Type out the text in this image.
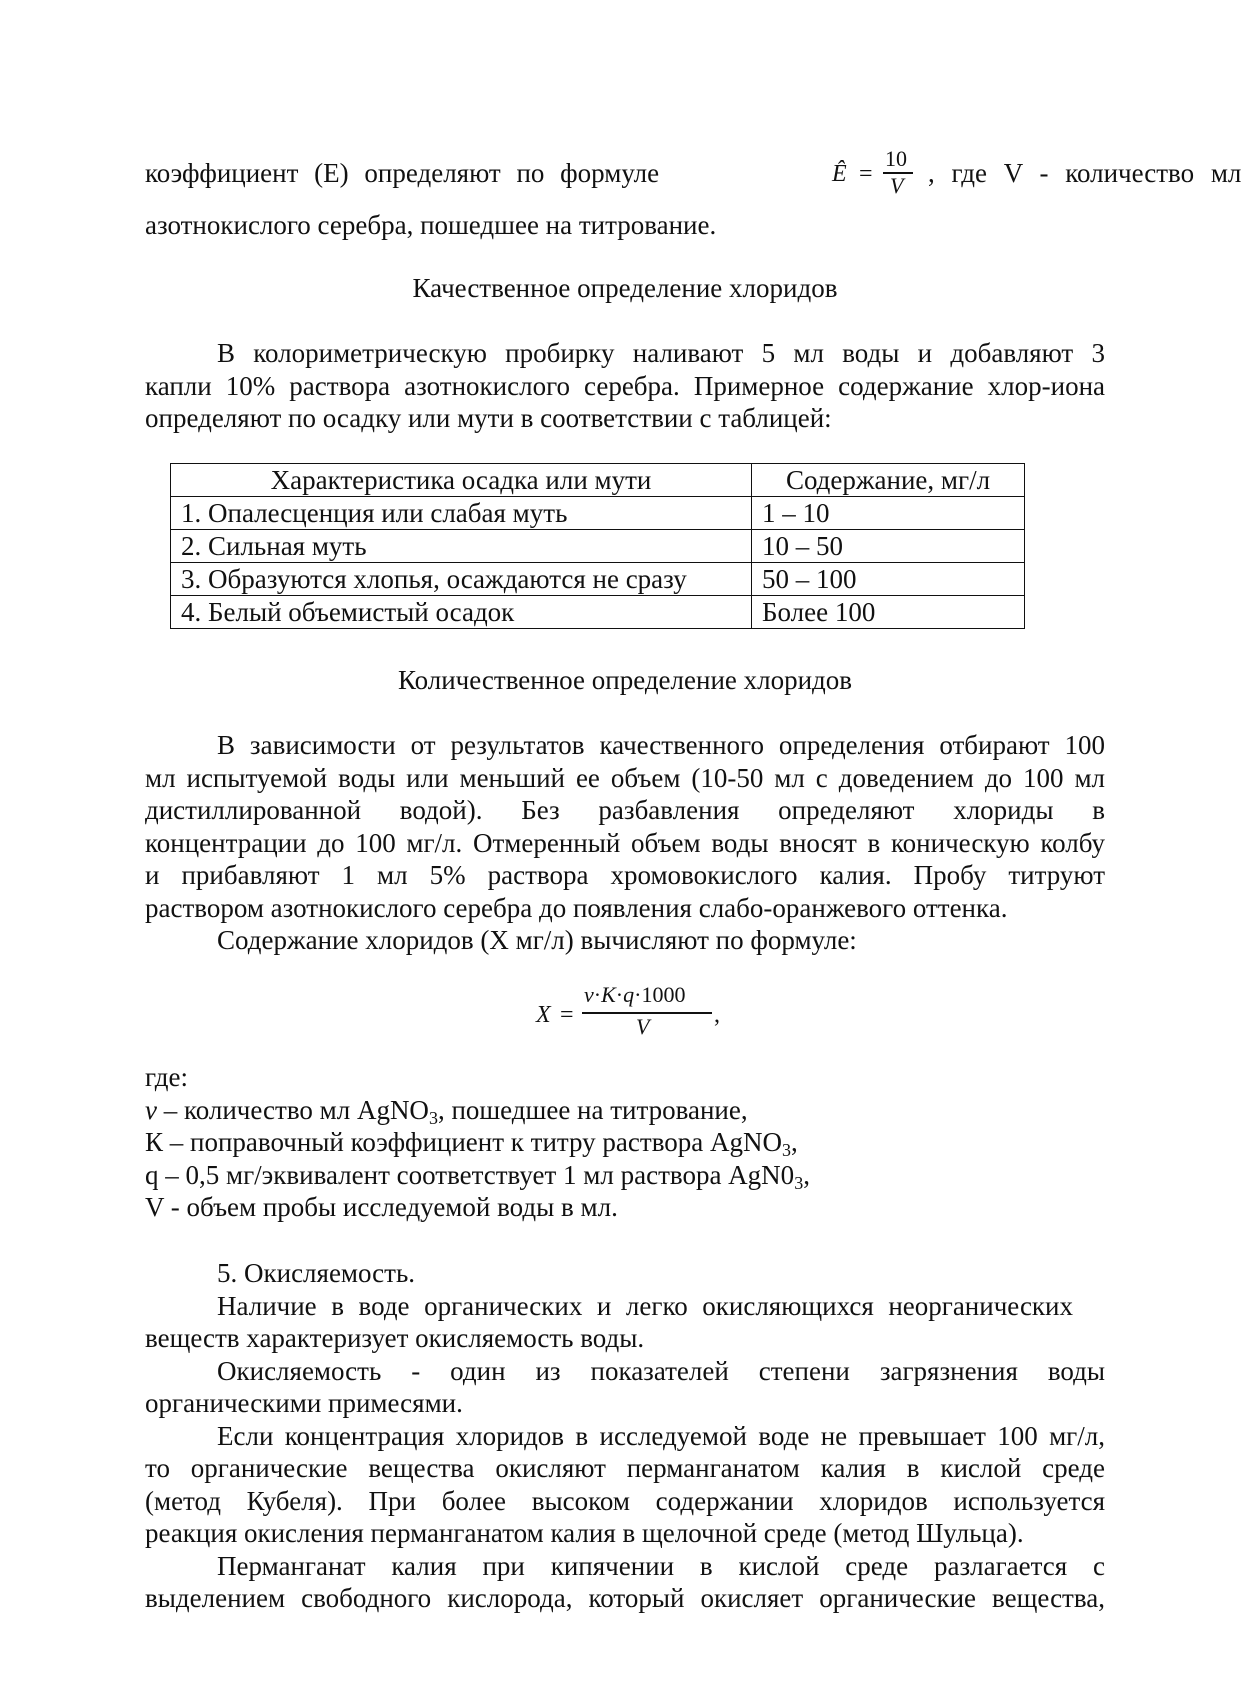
коэффициент (Е) определяют по формуле	Ê =
10
V , где V - количество мл
азотнокислого серебра, пошедшее на титрование.
Качественное определение хлоридов
В колориметрическую пробирку наливают 5 мл воды и добавляют 3
капли 10% раствора азотнокислого серебра. Примерное содержание хлор-иона
определяют по осадку или мути в соответствии с таблицей:
Характеристика осадка или мути	Содержание, мг/л
1. Опалесценция или слабая муть	1 – 10
2. Сильная муть	10 – 50
3. Образуются хлопья, осаждаются не сразу	50 – 100
4. Белый объемистый осадок	Более 100
Количественное определение хлоридов
В зависимости от результатов качественного определения отбирают 100
мл испытуемой воды или меньший ее объем (10-50 мл с доведением до 100 мл
дистиллированной водой). Без разбавления определяют хлориды в
концентрации до 100 мг/л. Отмеренный объем воды вносят в коническую колбу
и прибавляют 1 мл 5% раствора хромовокислого калия. Пробу титруют
раствором азотнокислого серебра до появления слабо-оранжевого оттенка.
Содержание хлоридов (Х мг/л) вычисляют по формуле:
X =
v·K·q·1000
V	,
где:
v – количество мл AgNO$_3$, пошедшее на титрование,
К – поправочный коэффициент к титру раствора AgNO$_3$,
q – 0,5 мг/эквивалент соответствует 1 мл раствора $AgN0_3$,
V - объем пробы исследуемой воды в мл.
5. Окисляемость.
Наличие в воде органических и легко окисляющихся неорганических
веществ характеризует окисляемость воды.
Окисляемость - один из показателей степени загрязнения воды
органическими примесями.
Если концентрация хлоридов в исследуемой воде не превышает 100 мг/л,
то органические вещества окисляют перманганатом калия в кислой среде
(метод Кубеля). При более высоком содержании хлоридов используется
реакция окисления перманганатом калия в щелочной среде (метод Шульца).
Перманганат калия при кипячении в кислой среде разлагается с
выделением свободного кислорода, который окисляет органические вещества,
